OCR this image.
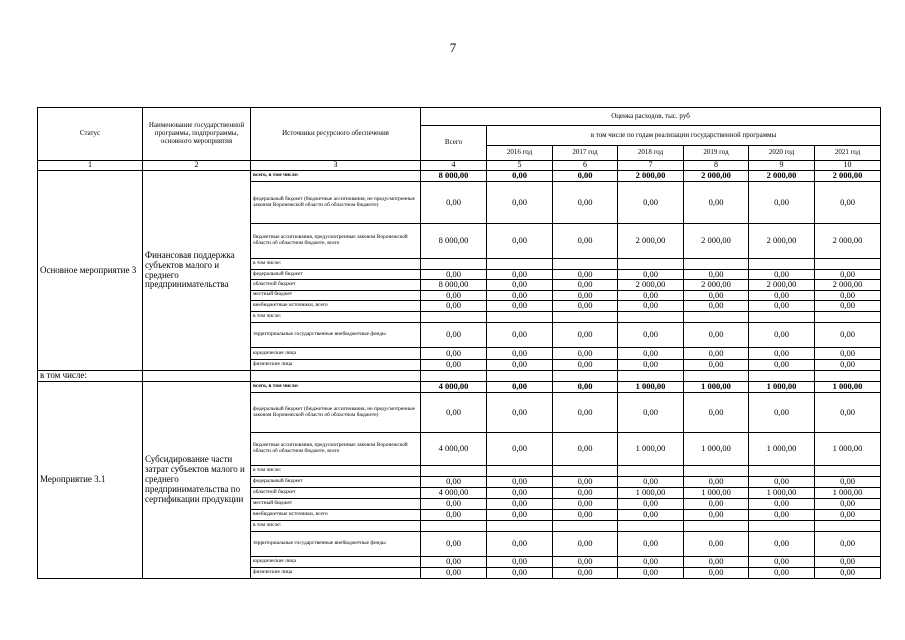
7
Статус	Наименование государственной программы, подпрограммы, основного мероприятия	Источники ресурсного обеспечения	Оценка расходов, тыс. руб						
			Всего	в том числе по годам реализации государственной программы					
				2016 год	2017 год	2018 год	2019 год	2020 год	2021 год
1	2	3	4	5	6	7	8	9	10
Основное мероприятие 3	Финансовая поддержка субъектов малого и среднего предпринимательства	всего, в том числе:	8 000,00	0,00	0,00	2 000,00	2 000,00	2 000,00	2 000,00
		федеральный бюджет (бюджетные ассигнования, не предусмотренные законом Воронежской области об областном бюджете)	0,00	0,00	0,00	0,00	0,00	0,00	0,00
		бюджетные ассигнования, предусмотренные законом Воронежской области об областном бюджете, всего	8 000,00	0,00	0,00	2 000,00	2 000,00	2 000,00	2 000,00
		в том числе:							
		федеральный бюджет	0,00	0,00	0,00	0,00	0,00	0,00	0,00
		областной бюджет	8 000,00	0,00	0,00	2 000,00	2 000,00	2 000,00	2 000,00
		местный бюджет	0,00	0,00	0,00	0,00	0,00	0,00	0,00
		внебюджетные источники, всего	0,00	0,00	0,00	0,00	0,00	0,00	0,00
		в том числе:							
		территориальные государственные внебюджетные фонды	0,00	0,00	0,00	0,00	0,00	0,00	0,00
		юридические лица	0,00	0,00	0,00	0,00	0,00	0,00	0,00
		физические лица	0,00	0,00	0,00	0,00	0,00	0,00	0,00
в том числе:									
Мероприятие 3.1	Субсидирование части затрат субъектов малого и среднего предпринимательства по сертификации продукции	всего, в том числе:	4 000,00	0,00	0,00	1 000,00	1 000,00	1 000,00	1 000,00
		федеральный бюджет (бюджетные ассигнования, не предусмотренные законом Воронежской области об областном бюджете)	0,00	0,00	0,00	0,00	0,00	0,00	0,00
		бюджетные ассигнования, предусмотренные законом Воронежской области об областном бюджете, всего	4 000,00	0,00	0,00	1 000,00	1 000,00	1 000,00	1 000,00
		в том числе:							
		федеральный бюджет	0,00	0,00	0,00	0,00	0,00	0,00	0,00
		областной бюджет	4 000,00	0,00	0,00	1 000,00	1 000,00	1 000,00	1 000,00
		местный бюджет	0,00	0,00	0,00	0,00	0,00	0,00	0,00
		внебюджетные источники, всего	0,00	0,00	0,00	0,00	0,00	0,00	0,00
		в том числе:							
		территориальные государственные внебюджетные фонды	0,00	0,00	0,00	0,00	0,00	0,00	0,00
		юридические лица	0,00	0,00	0,00	0,00	0,00	0,00	0,00
		физические лица	0,00	0,00	0,00	0,00	0,00	0,00	0,00
